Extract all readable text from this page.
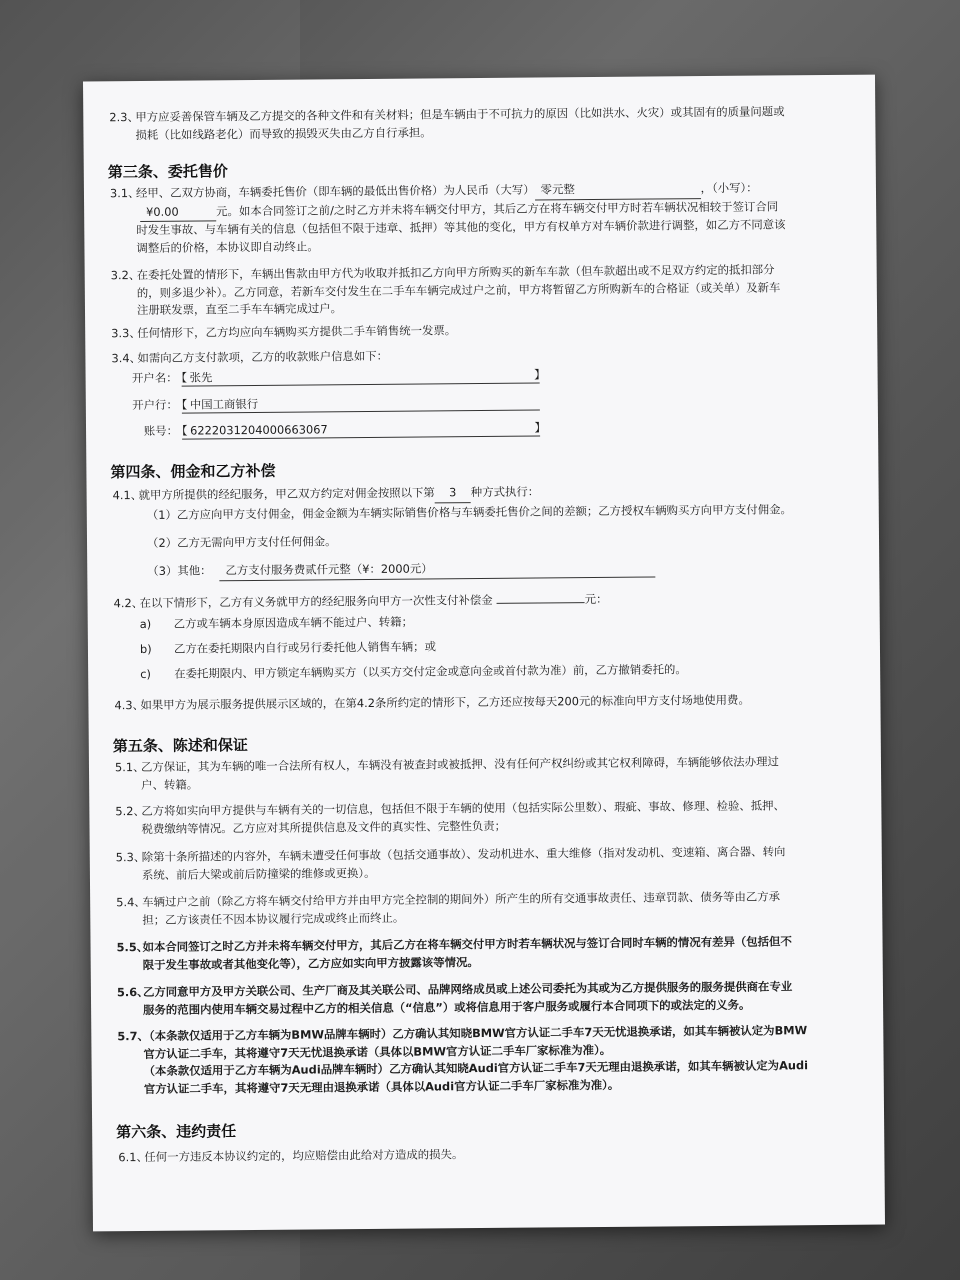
2.3、
甲方应妥善保管车辆及乙方提交的各种文件和有关材料；但是车辆由于不可抗力的原因（比如洪水、火灾）或其固有的质量问题或
损耗（比如线路老化）而导致的损毁灭失由乙方自行承担。
第三条、委托售价
3.1、
经甲、乙双方协商，车辆委托售价（即车辆的最低出售价格）为人民币（大写） 零元整	，（小写）：
¥0.00	元。如本合同签订之前/之时乙方并未将车辆交付甲方，其后乙方在将车辆交付甲方时若车辆状况相较于签订合同
时发生事故、与车辆有关的信息（包括但不限于违章、抵押）等其他的变化，甲方有权单方对车辆价款进行调整，如乙方不同意该
调整后的价格，本协议即自动终止。
3.2、
在委托处置的情形下，车辆出售款由甲方代为收取并抵扣乙方向甲方所购买的新车车款（但车款超出或不足双方约定的抵扣部分
的，则多退少补）。乙方同意，若新车交付发生在二手车车辆完成过户之前，甲方将暂留乙方所购新车的合格证（或关单）及新车
注册联发票，直至二手车车辆完成过户。
3.3、
任何情形下，乙方均应向车辆购买方提供二手车销售统一发票。
3.4、
如需向乙方支付款项，乙方的收款账户信息如下：
开户名：
【 张先	】
开户行：
【 中国工商银行
账号：
【 6222031204000663067	】
第四条、佣金和乙方补偿
4.1、
就甲方所提供的经纪服务，甲乙双方约定对佣金按照以下第 3 种方式执行：
（1）乙方应向甲方支付佣金，佣金金额为车辆实际销售价格与车辆委托售价之间的差额；乙方授权车辆购买方向甲方支付佣金。
（2）乙方无需向甲方支付任何佣金。
（3）其他： 乙方支付服务费贰仟元整（¥：2000元）
4.2、
在以下情形下，乙方有义务就甲方的经纪服务向甲方一次性支付补偿金	元：
a)	乙方或车辆本身原因造成车辆不能过户、转籍；
b)	乙方在委托期限内自行或另行委托他人销售车辆；或
c)	在委托期限内、甲方锁定车辆购买方（以买方交付定金或意向金或首付款为准）前，乙方撤销委托的。
4.3、
如果甲方为展示服务提供展示区域的，在第4.2条所约定的情形下，乙方还应按每天200元的标准向甲方支付场地使用费。
第五条、陈述和保证
5.1、
乙方保证，其为车辆的唯一合法所有权人，车辆没有被查封或被抵押、没有任何产权纠纷或其它权利障碍，车辆能够依法办理过
户、转籍。
5.2、
乙方将如实向甲方提供与车辆有关的一切信息，包括但不限于车辆的使用（包括实际公里数）、瑕疵、事故、修理、检验、抵押、
税费缴纳等情况。乙方应对其所提供信息及文件的真实性、完整性负责；
5.3、
除第十条所描述的内容外，车辆未遭受任何事故（包括交通事故）、发动机进水、重大维修（指对发动机、变速箱、离合器、转向
系统、前后大梁或前后防撞梁的维修或更换）。
5.4、
车辆过户之前（除乙方将车辆交付给甲方并由甲方完全控制的期间外）所产生的所有交通事故责任、违章罚款、债务等由乙方承
担；乙方该责任不因本协议履行完成或终止而终止。
5.5、
如本合同签订之时乙方并未将车辆交付甲方，其后乙方在将车辆交付甲方时若车辆状况与签订合同时车辆的情况有差异（包括但不
限于发生事故或者其他变化等），乙方应如实向甲方披露该等情况。
5.6、
乙方同意甲方及甲方关联公司、生产厂商及其关联公司、品牌网络成员或上述公司委托为其或为乙方提供服务的服务提供商在专业
服务的范围内使用车辆交易过程中乙方的相关信息（“信息”）或将信息用于客户服务或履行本合同项下的或法定的义务。
5.7、
（本条款仅适用于乙方车辆为BMW品牌车辆时）乙方确认其知晓BMW官方认证二手车7天无忧退换承诺，如其车辆被认定为BMW
官方认证二手车，其将遵守7天无忧退换承诺（具体以BMW官方认证二手车厂家标准为准）。
（本条款仅适用于乙方车辆为Audi品牌车辆时）乙方确认其知晓Audi官方认证二手车7天无理由退换承诺，如其车辆被认定为Audi
官方认证二手车，其将遵守7天无理由退换承诺（具体以Audi官方认证二手车厂家标准为准）。
第六条、违约责任
6.1、
任何一方违反本协议约定的，均应赔偿由此给对方造成的损失。
